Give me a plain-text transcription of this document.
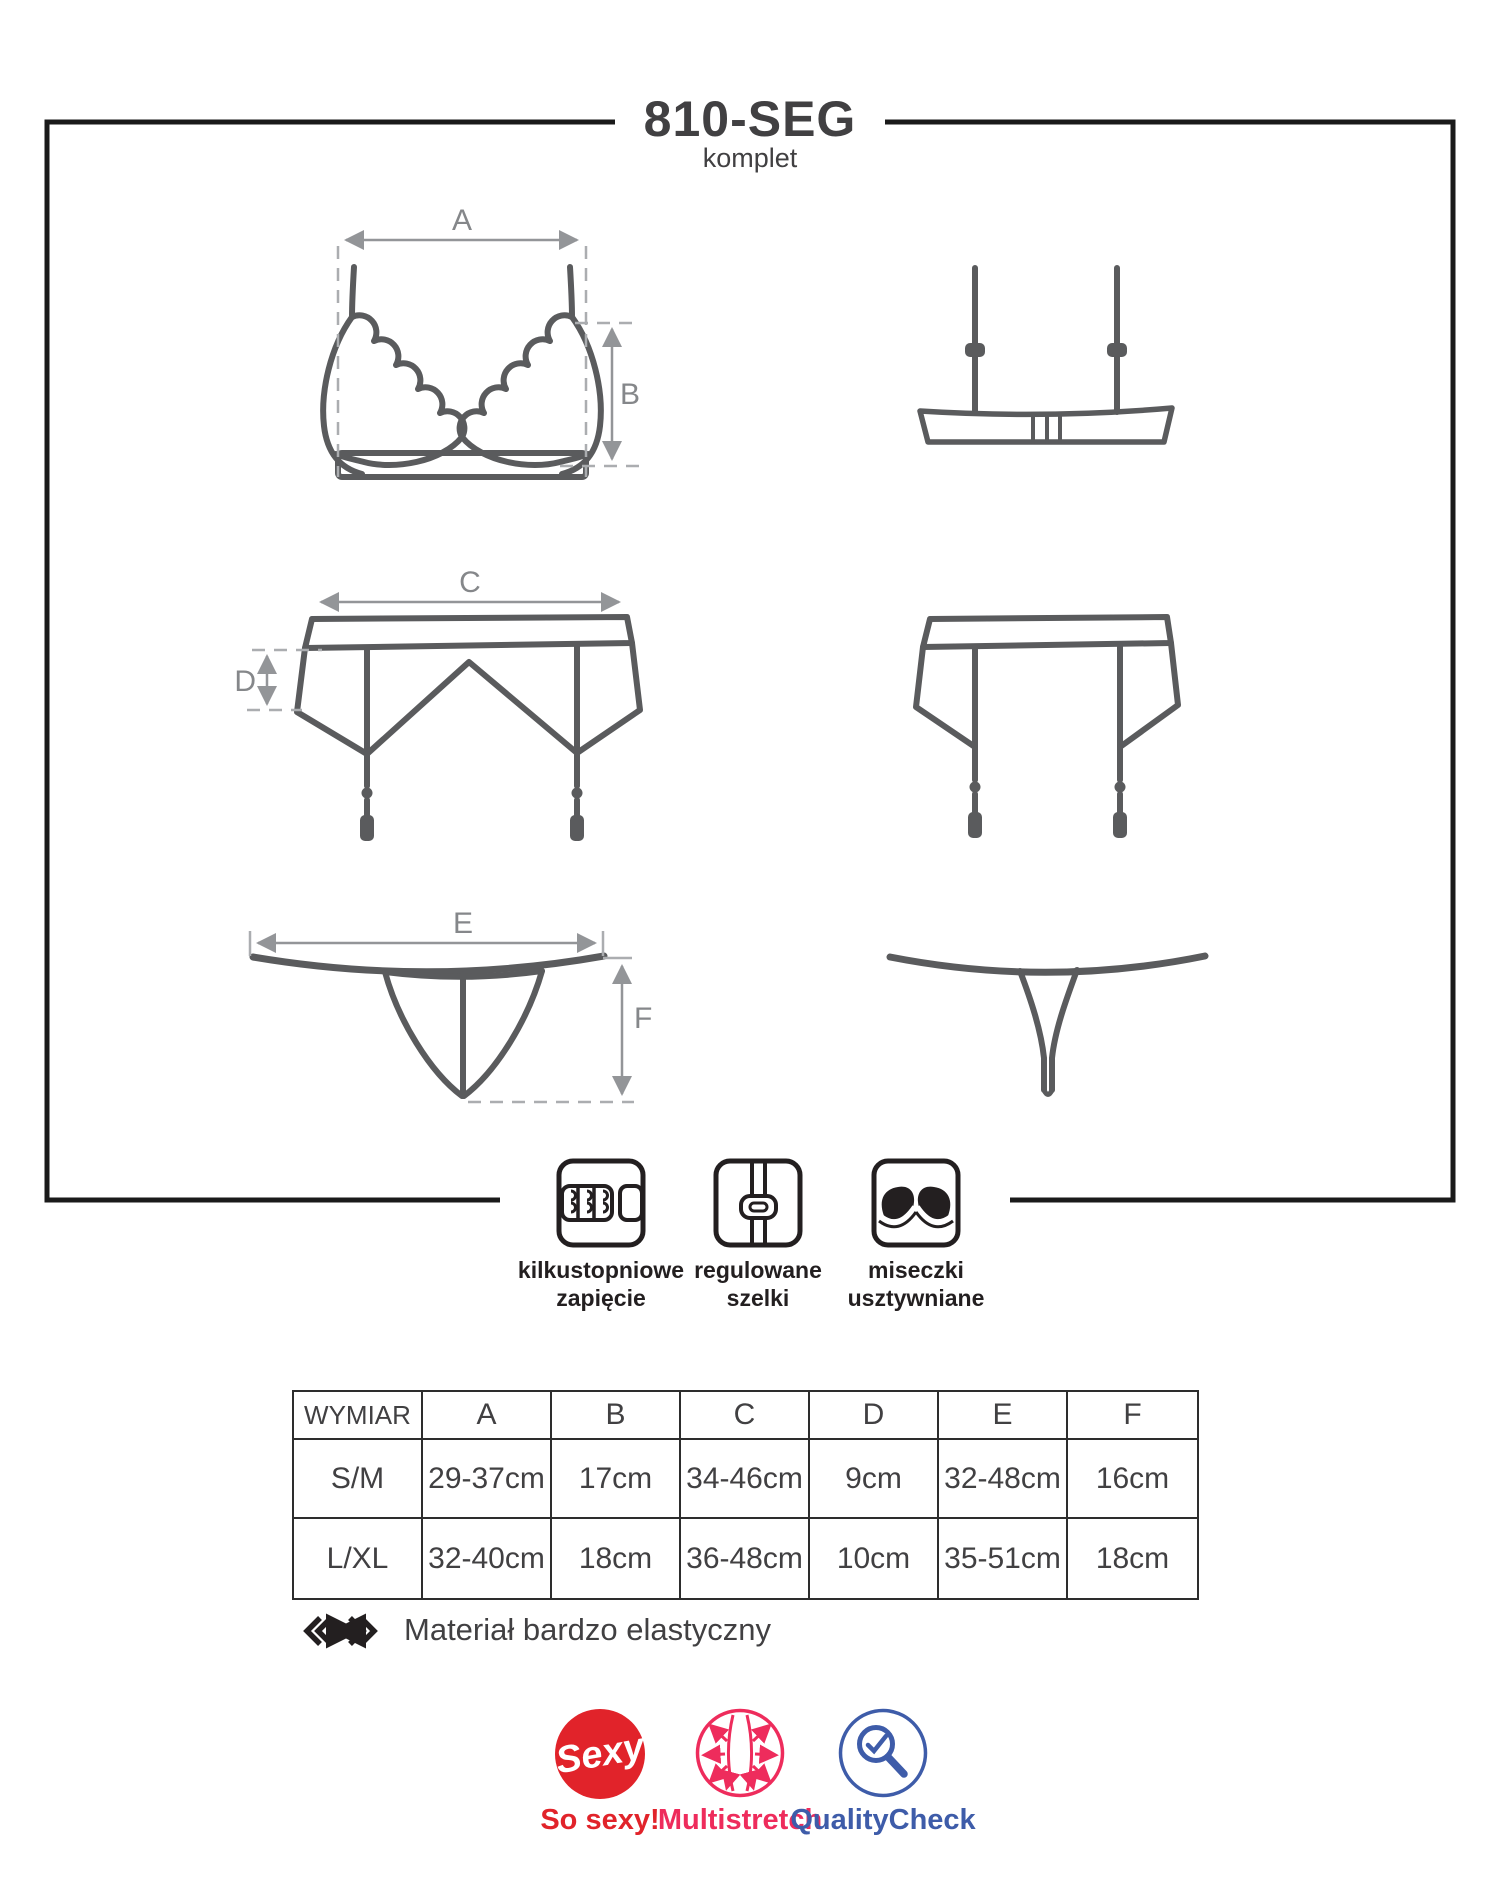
810-SEG
komplet
A
B
C
D
E
F
Sexy
kilkustopniowe
zapięcie
regulowane
szelki
miseczki
usztywniane
WYMIAR	A	B	C	D	E	F
S/M	29-37cm	17cm	34-46cm	9cm	32-48cm	16cm
L/XL	32-40cm	18cm	36-48cm	10cm	35-51cm	18cm
Materiał bardzo elastyczny
So sexy!
Multistretch
QualityCheck
